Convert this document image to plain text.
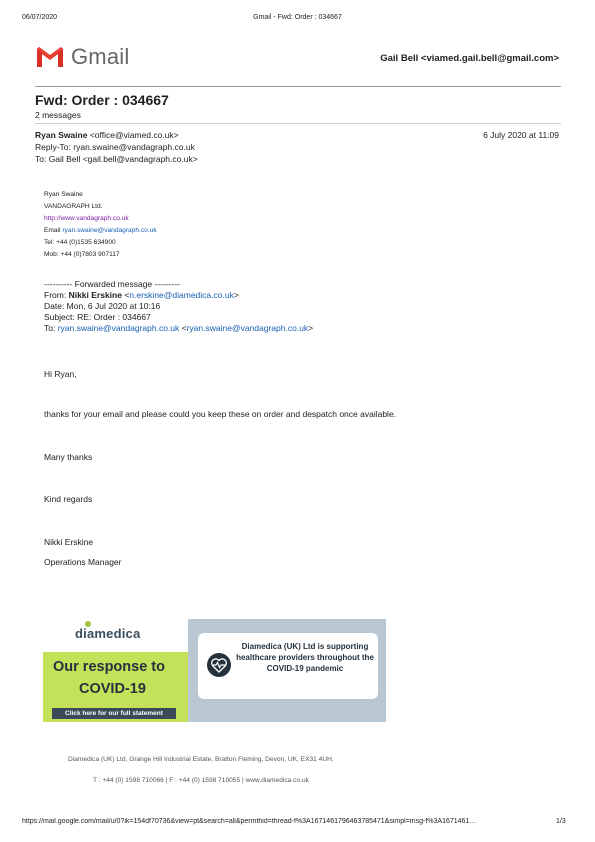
06/07/2020	Gmail - Fwd: Order : 034667
Gmail	Gail Bell <viamed.gail.bell@gmail.com>
Fwd: Order : 034667
2 messages
Ryan Swaine <office@viamed.co.uk>	6 July 2020 at 11:09
Reply-To: ryan.swaine@vandagraph.co.uk
To: Gail Bell <gail.bell@vandagraph.co.uk>
Ryan Swaine
VANDAGRAPH Ltd.
http://www.vandagraph.co.uk
Email ryan.swaine@vandagraph.co.uk
Tel: +44 (0)1535 634900
Mob: +44 (0)7803 907117
---------- Forwarded message ---------
From: Nikki Erskine <n.erskine@diamedica.co.uk>
Date: Mon, 6 Jul 2020 at 10:16
Subject: RE: Order : 034667
To: ryan.swaine@vandagraph.co.uk <ryan.swaine@vandagraph.co.uk>
Hi Ryan,
thanks for your email and please could you keep these on order and despatch once available.
Many thanks
Kind regards
Nikki Erskine
Operations Manager
diamedica
Our response to
COVID-19
Click here for our full statement
Diamedica (UK) Ltd is supporting healthcare providers throughout the COVID-19 pandemic
Diamedica (UK) Ltd, Grange Hill Industrial Estate, Bratton Fleming, Devon, UK, EX31 4UH,
T : +44 (0) 1598 710066 | F : +44 (0) 1598 710055 | www.diamedica.co.uk
https://mail.google.com/mail/u/0?ik=154df70736&view=pt&search=all&permthid=thread-f%3A1671461796463785471&simpl=msg-f%3A1671461…	1/3
